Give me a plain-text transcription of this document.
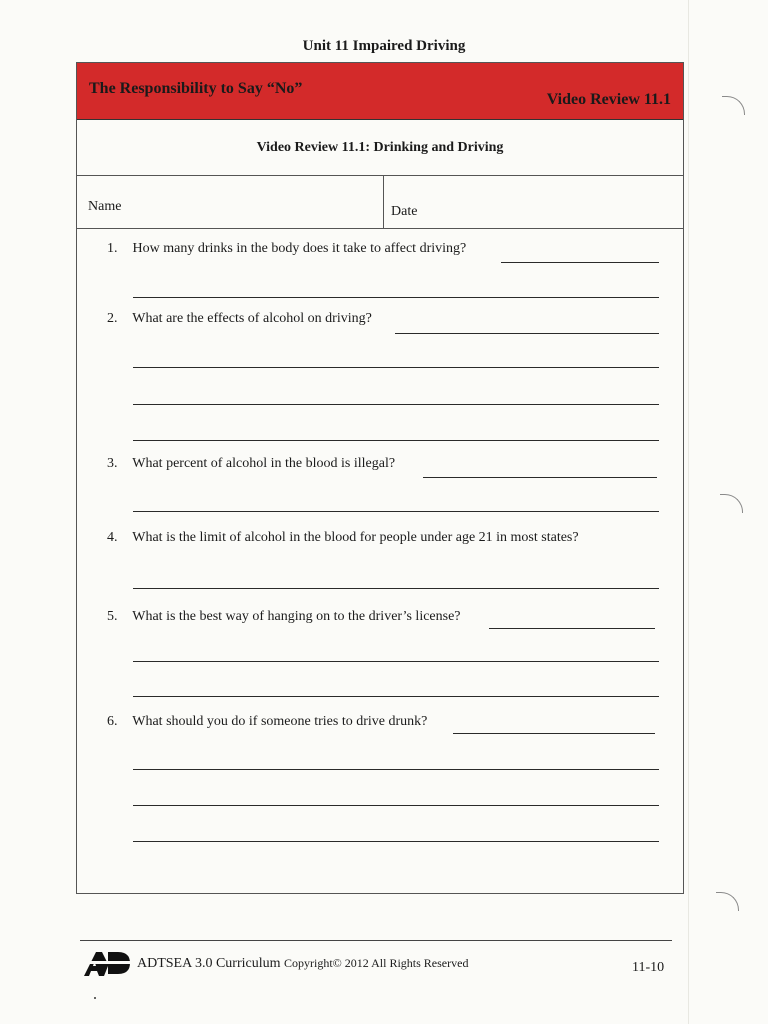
Unit 11 Impaired Driving
The Responsibility to Say “No”
Video Review 11.1
Video Review 11.1: Drinking and Driving
Name	Date
1. How many drinks in the body does it take to affect driving?
2. What are the effects of alcohol on driving?
3. What percent of alcohol in the blood is illegal?
4. What is the limit of alcohol in the blood for people under age 21 in most states?
5. What is the best way of hanging on to the driver’s license?
6. What should you do if someone tries to drive drunk?
ADTSEA 3.0 Curriculum Copyright© 2012 All Rights Reserved	11-10
